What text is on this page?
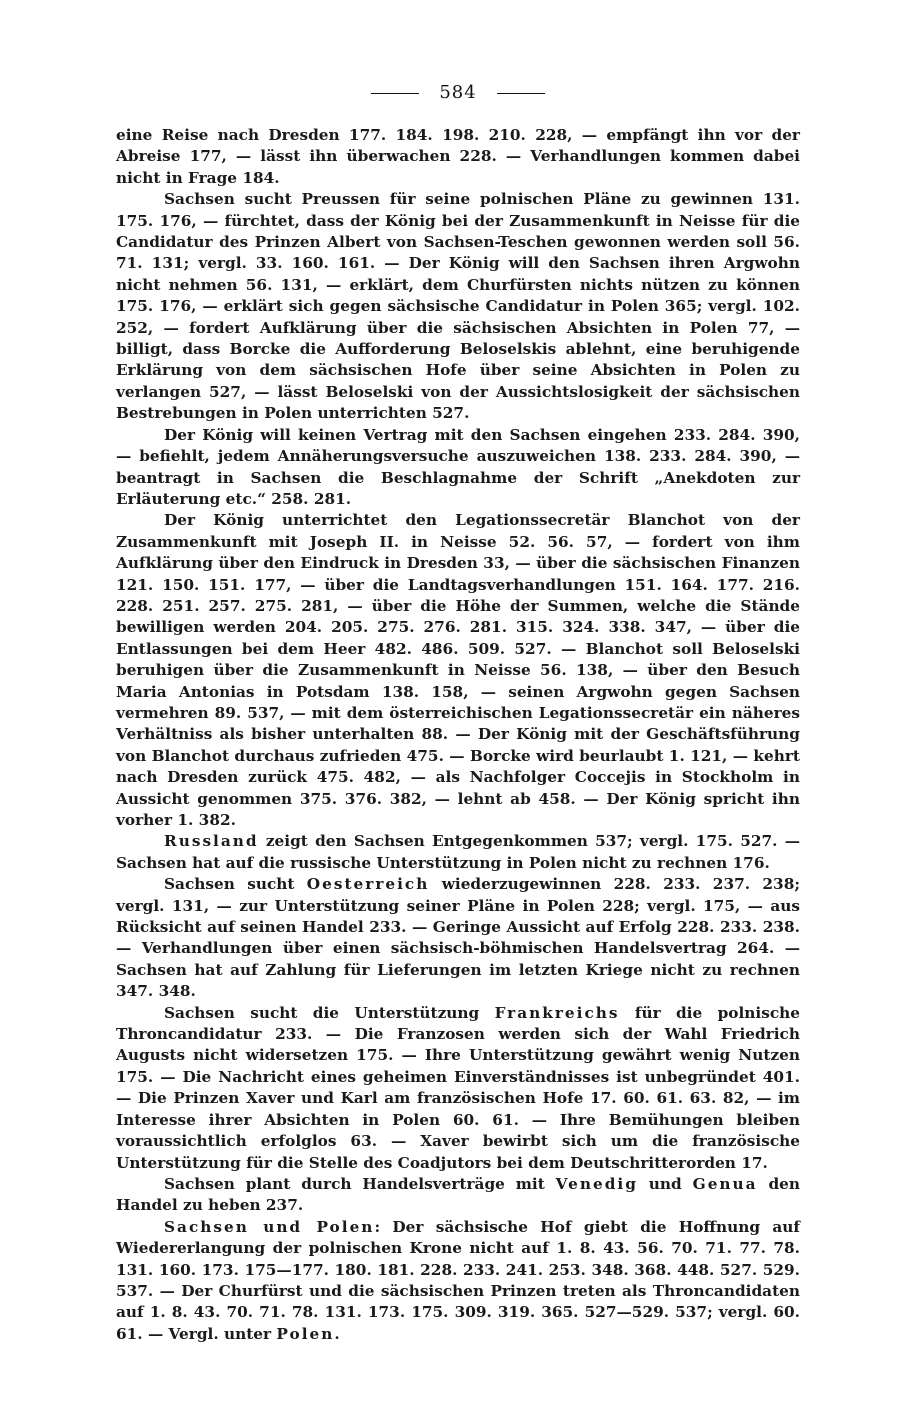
584

eine Reise nach Dresden 177. 184. 198. 210. 228, — empfängt ihn vor der Abreise 177, — lässt ihn überwachen 228. — Verhandlungen kommen dabei nicht in Frage 184.

Sachsen sucht Preussen für seine polnischen Pläne zu gewinnen 131. 175. 176, — fürchtet, dass der König bei der Zusammenkunft in Neisse für die Candidatur des Prinzen Albert von Sachsen-Teschen gewonnen werden soll 56. 71. 131; vergl. 33. 160. 161. — Der König will den Sachsen ihren Argwohn nicht nehmen 56. 131, — erklärt, dem Churfürsten nichts nützen zu können 175. 176, — erklärt sich gegen sächsische Candidatur in Polen 365; vergl. 102. 252, — fordert Aufklärung über die sächsischen Absichten in Polen 77, — billigt, dass Borcke die Aufforderung Beloselskis ablehnt, eine beruhigende Erklärung von dem sächsischen Hofe über seine Absichten in Polen zu verlangen 527, — lässt Beloselski von der Aussichtslosigkeit der sächsischen Bestrebungen in Polen unterrichten 527.

Der König will keinen Vertrag mit den Sachsen eingehen 233. 284. 390, — befiehlt, jedem Annäherungsversuche auszuweichen 138. 233. 284. 390, — beantragt in Sachsen die Beschlagnahme der Schrift „Anekdoten zur Erläuterung etc.“ 258. 281.

Der König unterrichtet den Legationssecretär Blanchot von der Zusammenkunft mit Joseph II. in Neisse 52. 56. 57, — fordert von ihm Aufklärung über den Eindruck in Dresden 33, — über die sächsischen Finanzen 121. 150. 151. 177, — über die Landtagsverhandlungen 151. 164. 177. 216. 228. 251. 257. 275. 281, — über die Höhe der Summen, welche die Stände bewilligen werden 204. 205. 275. 276. 281. 315. 324. 338. 347, — über die Entlassungen bei dem Heer 482. 486. 509. 527. — Blanchot soll Beloselski beruhigen über die Zusammenkunft in Neisse 56. 138, — über den Besuch Maria Antonias in Potsdam 138. 158, — seinen Argwohn gegen Sachsen vermehren 89. 537, — mit dem österreichischen Legationssecretär ein näheres Verhältniss als bisher unterhalten 88. — Der König mit der Geschäftsführung von Blanchot durchaus zufrieden 475. — Borcke wird beurlaubt 1. 121, — kehrt nach Dresden zurück 475. 482, — als Nachfolger Coccejis in Stockholm in Aussicht genommen 375. 376. 382, — lehnt ab 458. — Der König spricht ihn vorher 1. 382.

Russland zeigt den Sachsen Entgegenkommen 537; vergl. 175. 527. — Sachsen hat auf die russische Unterstützung in Polen nicht zu rechnen 176.

Sachsen sucht Oesterreich wiederzugewinnen 228. 233. 237. 238; vergl. 131, — zur Unterstützung seiner Pläne in Polen 228; vergl. 175, — aus Rücksicht auf seinen Handel 233. — Geringe Aussicht auf Erfolg 228. 233. 238. — Verhandlungen über einen sächsisch-böhmischen Handelsvertrag 264. — Sachsen hat auf Zahlung für Lieferungen im letzten Kriege nicht zu rechnen 347. 348.

Sachsen sucht die Unterstützung Frankreichs für die polnische Throncandidatur 233. — Die Franzosen werden sich der Wahl Friedrich Augusts nicht widersetzen 175. — Ihre Unterstützung gewährt wenig Nutzen 175. — Die Nachricht eines geheimen Einverständnisses ist unbegründet 401. — Die Prinzen Xaver und Karl am französischen Hofe 17. 60. 61. 63. 82, — im Interesse ihrer Absichten in Polen 60. 61. — Ihre Bemühungen bleiben voraussichtlich erfolglos 63. — Xaver bewirbt sich um die französische Unterstützung für die Stelle des Coadjutors bei dem Deutschritterorden 17.

Sachsen plant durch Handelsverträge mit Venedig und Genua den Handel zu heben 237.

Sachsen und Polen: Der sächsische Hof giebt die Hoffnung auf Wiedererlangung der polnischen Krone nicht auf 1. 8. 43. 56. 70. 71. 77. 78. 131. 160. 173. 175—177. 180. 181. 228. 233. 241. 253. 348. 368. 448. 527. 529. 537. — Der Churfürst und die sächsischen Prinzen treten als Throncandidaten auf 1. 8. 43. 70. 71. 78. 131. 173. 175. 309. 319. 365. 527—529. 537; vergl. 60. 61. — Vergl. unter Polen.
